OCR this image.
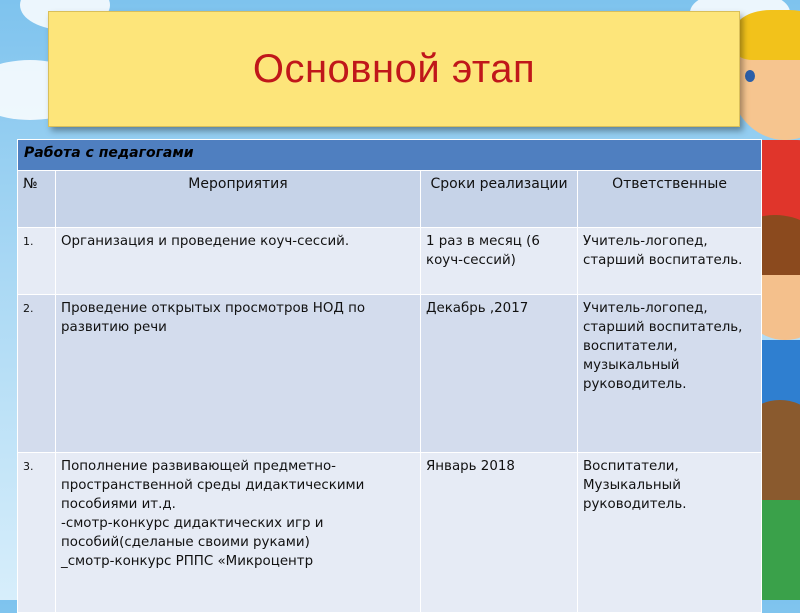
Основной этап
Работа с педагогами			
№	Мероприятия	Сроки реализации	Ответственные
1.	Организация и проведение коуч-сессий.	1 раз в месяц (6 коуч-сессий)	Учитель-логопед, старший воспитатель.
2.	Проведение открытых просмотров НОД по развитию речи	Декабрь ,2017	Учитель-логопед, старший воспитатель, воспитатели, музыкальный руководитель.
3.	Пополнение развивающей предметно-пространственной среды дидактическими пособиями ит.д.
-смотр-конкурс дидактических игр и пособий(сделаные своими руками)
_смотр-конкурс РППС «Микроцентр	Январь 2018	Воспитатели, Музыкальный руководитель.
